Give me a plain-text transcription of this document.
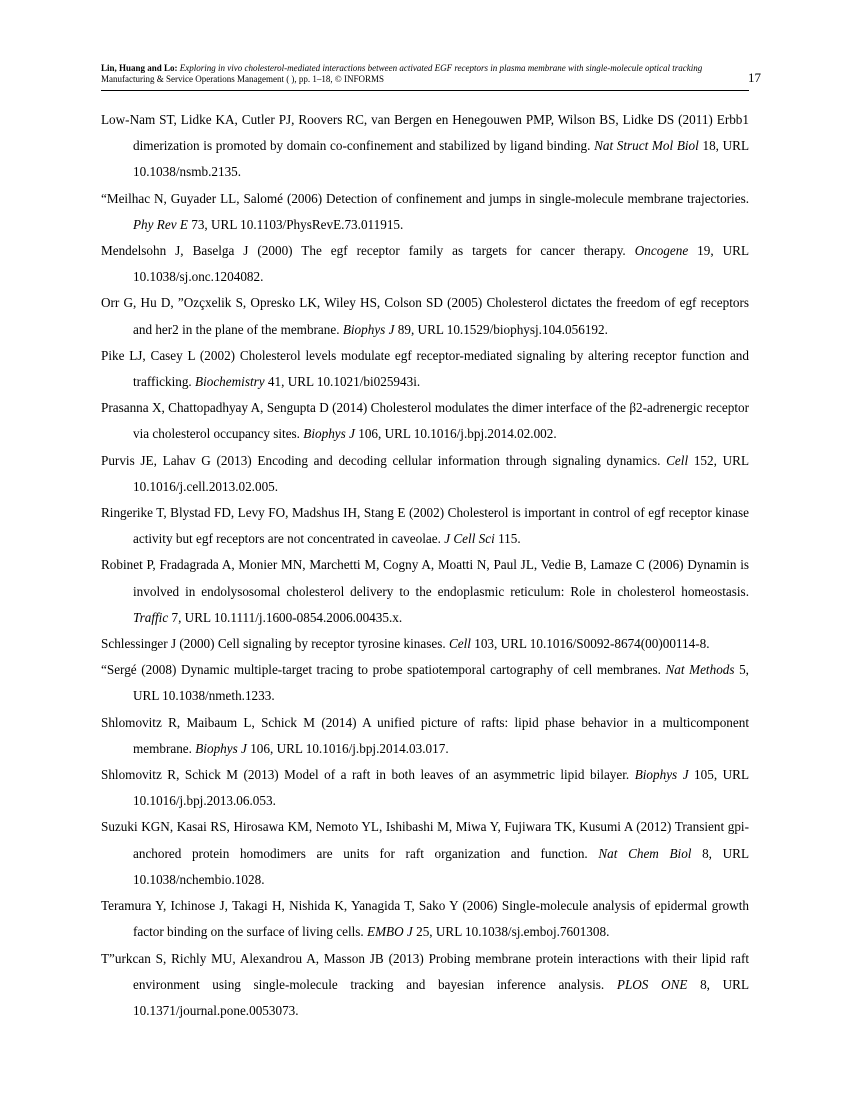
Lin, Huang and Lo: Exploring in vivo cholesterol-mediated interactions between activated EGF receptors in plasma membrane with single-molecule optical tracking
Manufacturing & Service Operations Management ( ), pp. 1–18, © INFORMS	17
Low-Nam ST, Lidke KA, Cutler PJ, Roovers RC, van Bergen en Henegouwen PMP, Wilson BS, Lidke DS (2011) Erbb1 dimerization is promoted by domain co-confinement and stabilized by ligand binding. Nat Struct Mol Biol 18, URL 10.1038/nsmb.2135.
“Meilhac N, Guyader LL, Salomé (2006) Detection of confinement and jumps in single-molecule membrane trajectories. Phy Rev E 73, URL 10.1103/PhysRevE.73.011915.
Mendelsohn J, Baselga J (2000) The egf receptor family as targets for cancer therapy. Oncogene 19, URL 10.1038/sj.onc.1204082.
Orr G, Hu D, ”Ozçxelik S, Opresko LK, Wiley HS, Colson SD (2005) Cholesterol dictates the freedom of egf receptors and her2 in the plane of the membrane. Biophys J 89, URL 10.1529/biophysj.104.056192.
Pike LJ, Casey L (2002) Cholesterol levels modulate egf receptor-mediated signaling by altering receptor function and trafficking. Biochemistry 41, URL 10.1021/bi025943i.
Prasanna X, Chattopadhyay A, Sengupta D (2014) Cholesterol modulates the dimer interface of the β2-adrenergic receptor via cholesterol occupancy sites. Biophys J 106, URL 10.1016/j.bpj.2014.02.002.
Purvis JE, Lahav G (2013) Encoding and decoding cellular information through signaling dynamics. Cell 152, URL 10.1016/j.cell.2013.02.005.
Ringerike T, Blystad FD, Levy FO, Madshus IH, Stang E (2002) Cholesterol is important in control of egf receptor kinase activity but egf receptors are not concentrated in caveolae. J Cell Sci 115.
Robinet P, Fradagrada A, Monier MN, Marchetti M, Cogny A, Moatti N, Paul JL, Vedie B, Lamaze C (2006) Dynamin is involved in endolysosomal cholesterol delivery to the endoplasmic reticulum: Role in cholesterol homeostasis. Traffic 7, URL 10.1111/j.1600-0854.2006.00435.x.
Schlessinger J (2000) Cell signaling by receptor tyrosine kinases. Cell 103, URL 10.1016/S0092-8674(00)00114-8.
“Sergé (2008) Dynamic multiple-target tracing to probe spatiotemporal cartography of cell membranes. Nat Methods 5, URL 10.1038/nmeth.1233.
Shlomovitz R, Maibaum L, Schick M (2014) A unified picture of rafts: lipid phase behavior in a multicomponent membrane. Biophys J 106, URL 10.1016/j.bpj.2014.03.017.
Shlomovitz R, Schick M (2013) Model of a raft in both leaves of an asymmetric lipid bilayer. Biophys J 105, URL 10.1016/j.bpj.2013.06.053.
Suzuki KGN, Kasai RS, Hirosawa KM, Nemoto YL, Ishibashi M, Miwa Y, Fujiwara TK, Kusumi A (2012) Transient gpi-anchored protein homodimers are units for raft organization and function. Nat Chem Biol 8, URL 10.1038/nchembio.1028.
Teramura Y, Ichinose J, Takagi H, Nishida K, Yanagida T, Sako Y (2006) Single-molecule analysis of epidermal growth factor binding on the surface of living cells. EMBO J 25, URL 10.1038/sj.emboj.7601308.
T”urkcan S, Richly MU, Alexandrou A, Masson JB (2013) Probing membrane protein interactions with their lipid raft environment using single-molecule tracking and bayesian inference analysis. PLOS ONE 8, URL 10.1371/journal.pone.0053073.
